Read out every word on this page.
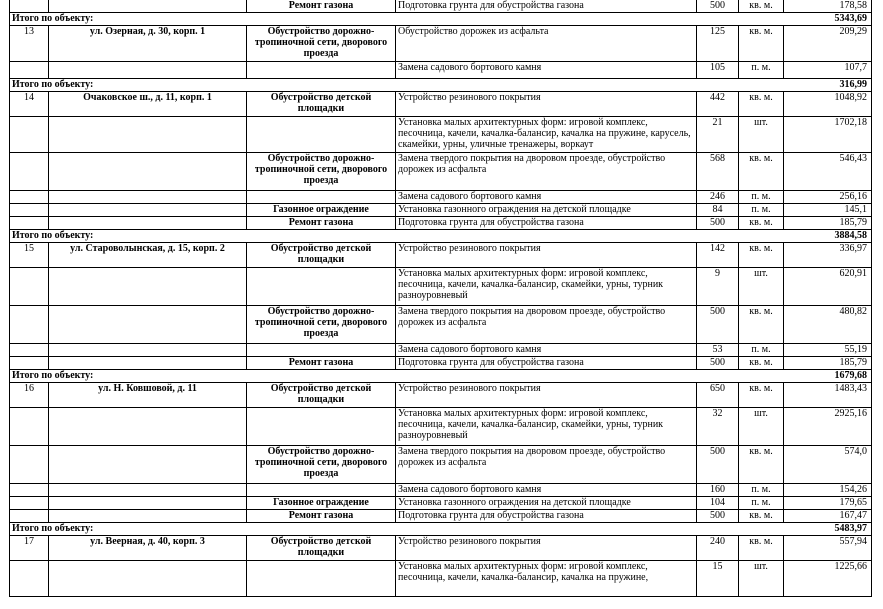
		Ремонт газона	Подготовка грунта для обустройства газона	500	кв. м.	178,58
Итого по объекту:						5343,69
13	ул. Озерная, д. 30, корп. 1	Обустройство дорожно-тропиночной сети, дворового проезда	Обустройство дорожек из асфальта	125	кв. м.	209,29
			Замена садового бортового камня	105	п. м.	107,7
Итого по объекту:						316,99
14	Очаковское ш., д. 11, корп. 1	Обустройство детской площадки	Устройство резинового покрытия	442	кв. м.	1048,92
			Установка малых архитектурных форм: игровой комплекс, песочница, качели, качалка-балансир, качалка на пружине, карусель, скамейки, урны, уличные тренажеры, воркаут	21	шт.	1702,18
		Обустройство дорожно-тропиночной сети, дворового проезда	Замена твердого покрытия на дворовом проезде, обустройство дорожек из асфальта	568	кв. м.	546,43
			Замена садового бортового камня	246	п. м.	256,16
		Газонное ограждение	Установка газонного ограждения на детской площадке	84	п. м.	145,1
		Ремонт газона	Подготовка грунта для обустройства газона	500	кв. м.	185,79
Итого по объекту:						3884,58
15	ул. Староволынская, д. 15, корп. 2	Обустройство детской площадки	Устройство резинового покрытия	142	кв. м.	336,97
			Установка малых архитектурных форм: игровой комплекс, песочница, качели, качалка-балансир, скамейки, урны, турник разноуровневый	9	шт.	620,91
		Обустройство дорожно-тропиночной сети, дворового проезда	Замена твердого покрытия на дворовом проезде, обустройство дорожек из асфальта	500	кв. м.	480,82
			Замена садового бортового камня	53	п. м.	55,19
		Ремонт газона	Подготовка грунта для обустройства газона	500	кв. м.	185,79
Итого по объекту:						1679,68
16	ул. Н. Ковшовой, д. 11	Обустройство детской площадки	Устройство резинового покрытия	650	кв. м.	1483,43
			Установка малых архитектурных форм: игровой комплекс, песочница, качели, качалка-балансир, скамейки, урны, турник разноуровневый	32	шт.	2925,16
		Обустройство дорожно-тропиночной сети, дворового проезда	Замена твердого покрытия на дворовом проезде, обустройство дорожек из асфальта	500	кв. м.	574,0
			Замена садового бортового камня	160	п. м.	154,26
		Газонное ограждение	Установка газонного ограждения на детской площадке	104	п. м.	179,65
		Ремонт газона	Подготовка грунта для обустройства газона	500	кв. м.	167,47
Итого по объекту:						5483,97
17	ул. Веерная, д. 40, корп. 3	Обустройство детской площадки	Устройство резинового покрытия	240	кв. м.	557,94
			Установка малых архитектурных форм: игровой комплекс, песочница, качели, качалка-балансир, качалка на пружине,	15	шт.	1225,66
